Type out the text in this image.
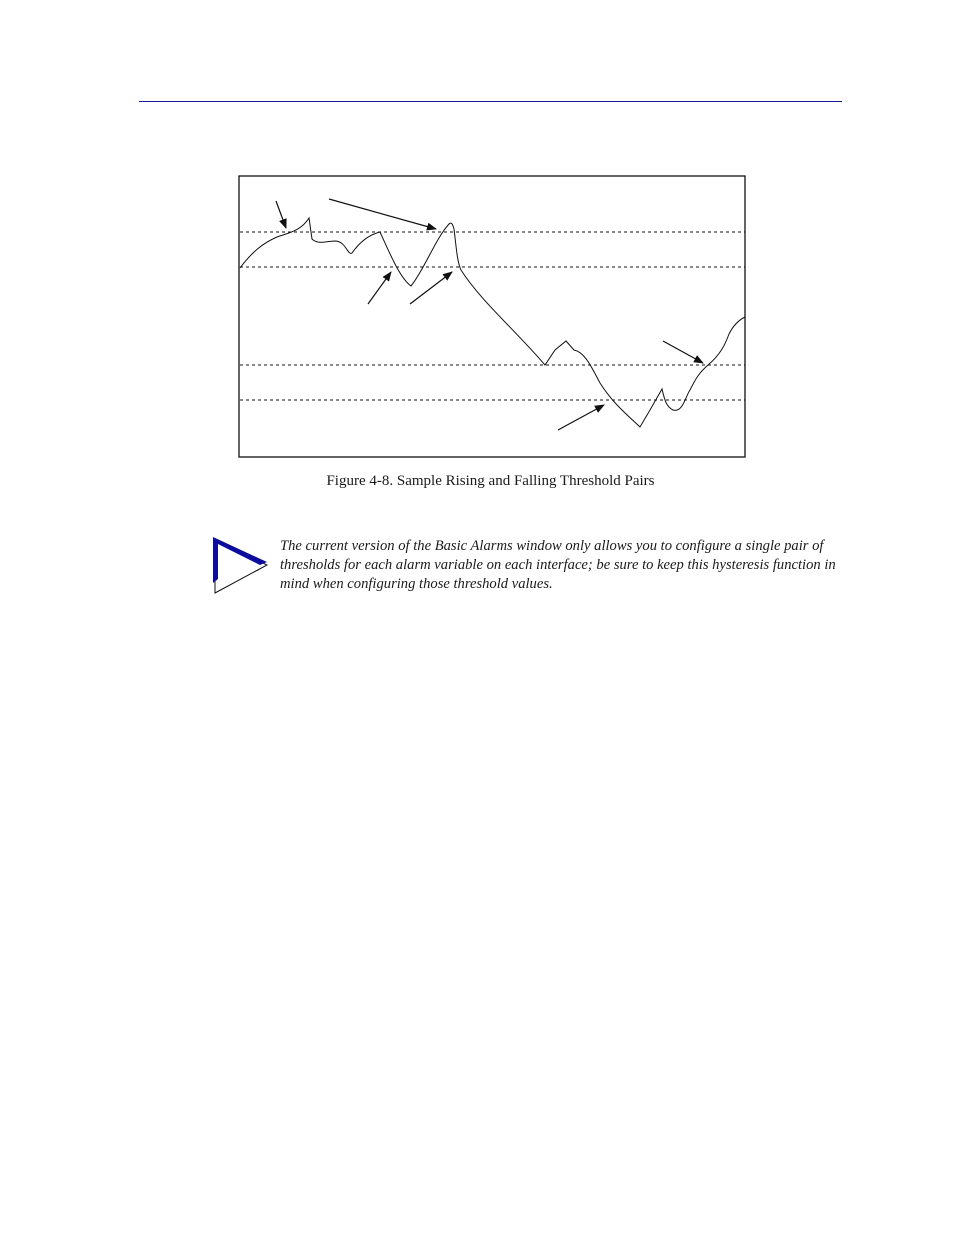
Figure 4-8. Sample Rising and Falling Threshold Pairs

The current version of the Basic Alarms window only allows you to configure a single pair of thresholds for each alarm variable on each interface; be sure to keep this hysteresis function in mind when configuring those threshold values.
